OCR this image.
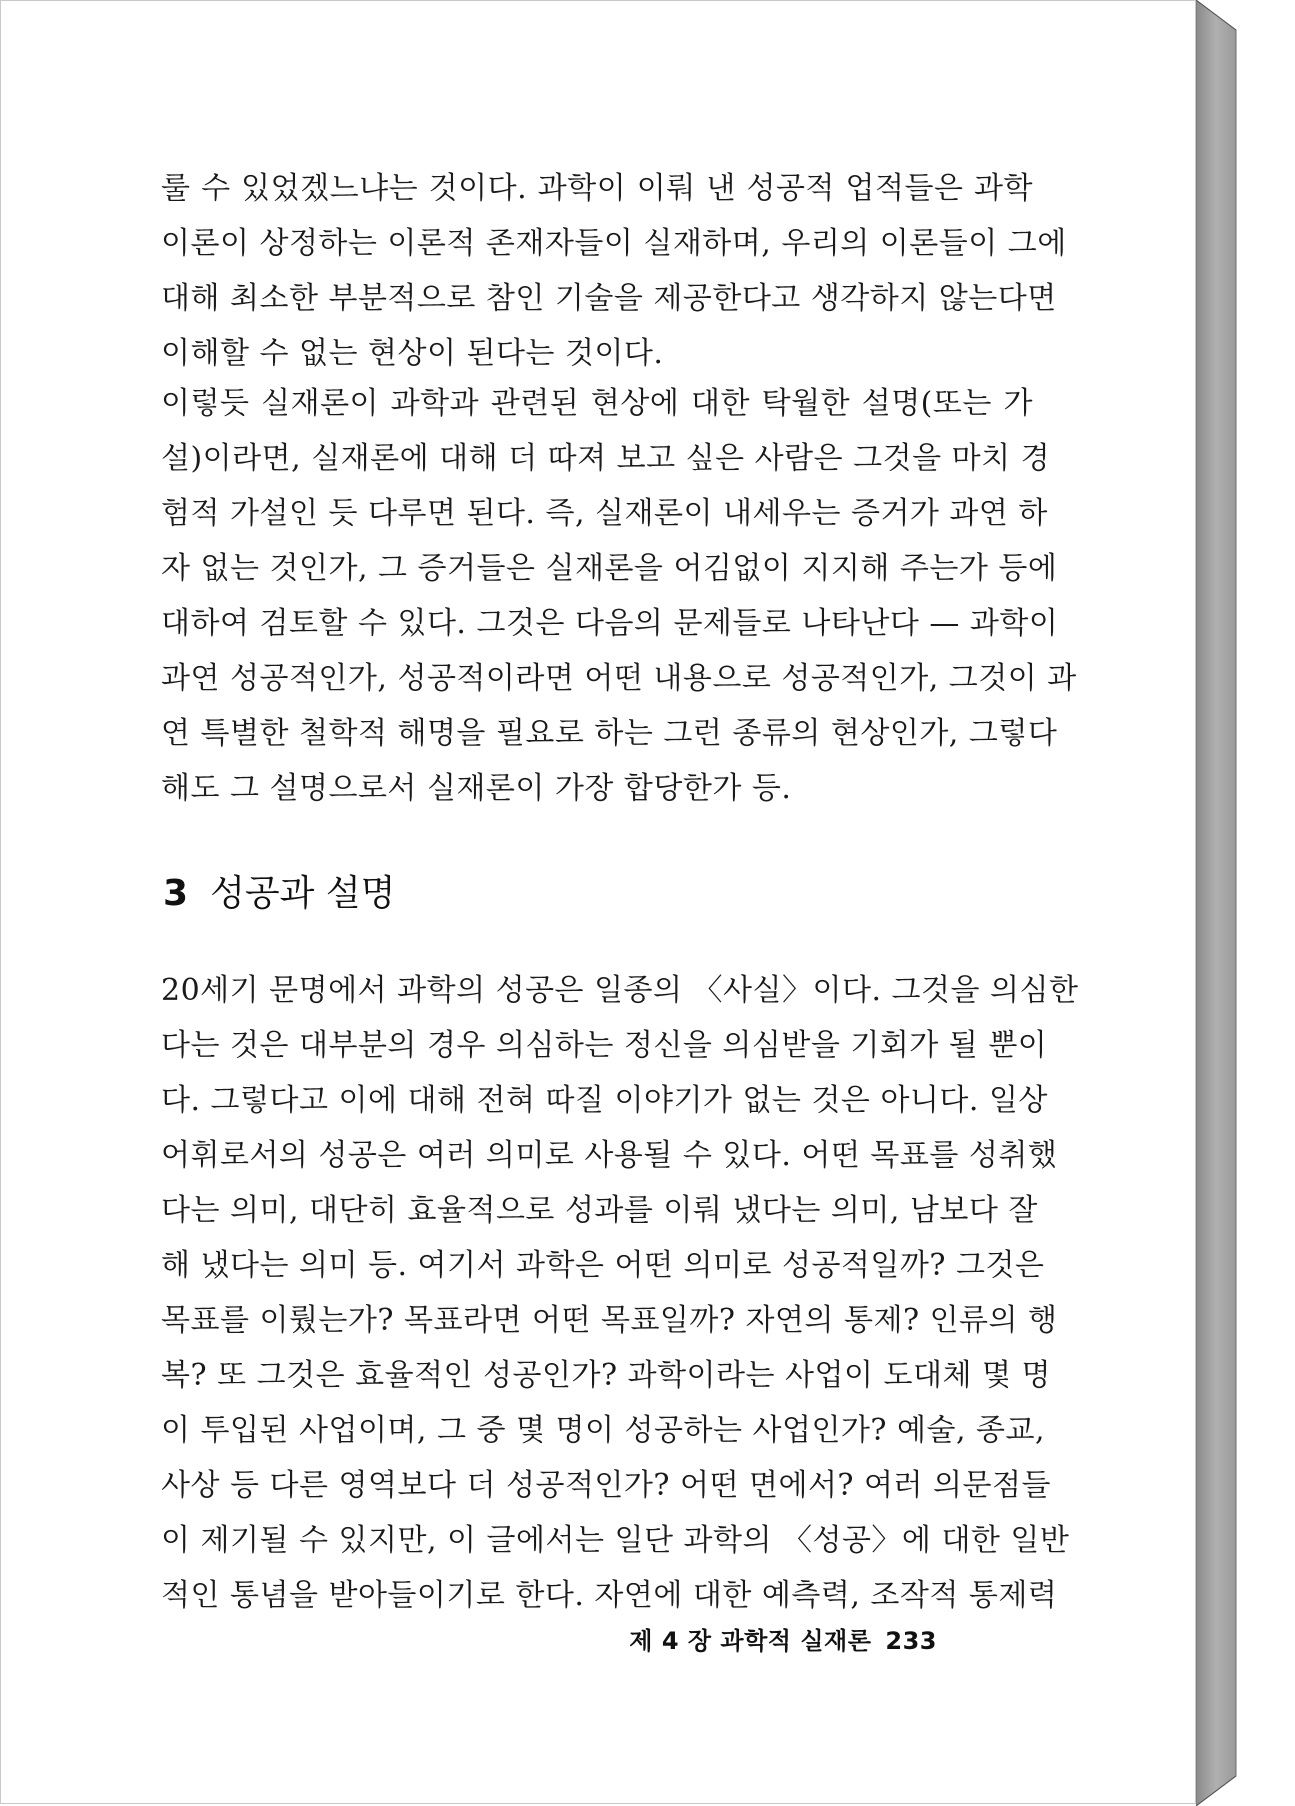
룰 수 있었겠느냐는 것이다. 과학이 이뤄 낸 성공적 업적들은 과학
이론이 상정하는 이론적 존재자들이 실재하며, 우리의 이론들이 그에
대해 최소한 부분적으로 참인 기술을 제공한다고 생각하지 않는다면
이해할 수 없는 현상이 된다는 것이다.

이렇듯 실재론이 과학과 관련된 현상에 대한 탁월한 설명(또는 가
설)이라면, 실재론에 대해 더 따져 보고 싶은 사람은 그것을 마치 경
험적 가설인 듯 다루면 된다. 즉, 실재론이 내세우는 증거가 과연 하
자 없는 것인가, 그 증거들은 실재론을 어김없이 지지해 주는가 등에
대하여 검토할 수 있다. 그것은 다음의 문제들로 나타난다 — 과학이
과연 성공적인가, 성공적이라면 어떤 내용으로 성공적인가, 그것이 과
연 특별한 철학적 해명을 필요로 하는 그런 종류의 현상인가, 그렇다
해도 그 설명으로서 실재론이 가장 합당한가 등.

3 성공과 설명

20세기 문명에서 과학의 성공은 일종의 〈사실〉이다. 그것을 의심한
다는 것은 대부분의 경우 의심하는 정신을 의심받을 기회가 될 뿐이
다. 그렇다고 이에 대해 전혀 따질 이야기가 없는 것은 아니다. 일상
어휘로서의 성공은 여러 의미로 사용될 수 있다. 어떤 목표를 성취했
다는 의미, 대단히 효율적으로 성과를 이뤄 냈다는 의미, 남보다 잘
해 냈다는 의미 등. 여기서 과학은 어떤 의미로 성공적일까? 그것은
목표를 이뤘는가? 목표라면 어떤 목표일까? 자연의 통제? 인류의 행
복? 또 그것은 효율적인 성공인가? 과학이라는 사업이 도대체 몇 명
이 투입된 사업이며, 그 중 몇 명이 성공하는 사업인가? 예술, 종교,
사상 등 다른 영역보다 더 성공적인가? 어떤 면에서? 여러 의문점들
이 제기될 수 있지만, 이 글에서는 일단 과학의 〈성공〉에 대한 일반
적인 통념을 받아들이기로 한다. 자연에 대한 예측력, 조작적 통제력

제 4 장 과학적 실재론 233
